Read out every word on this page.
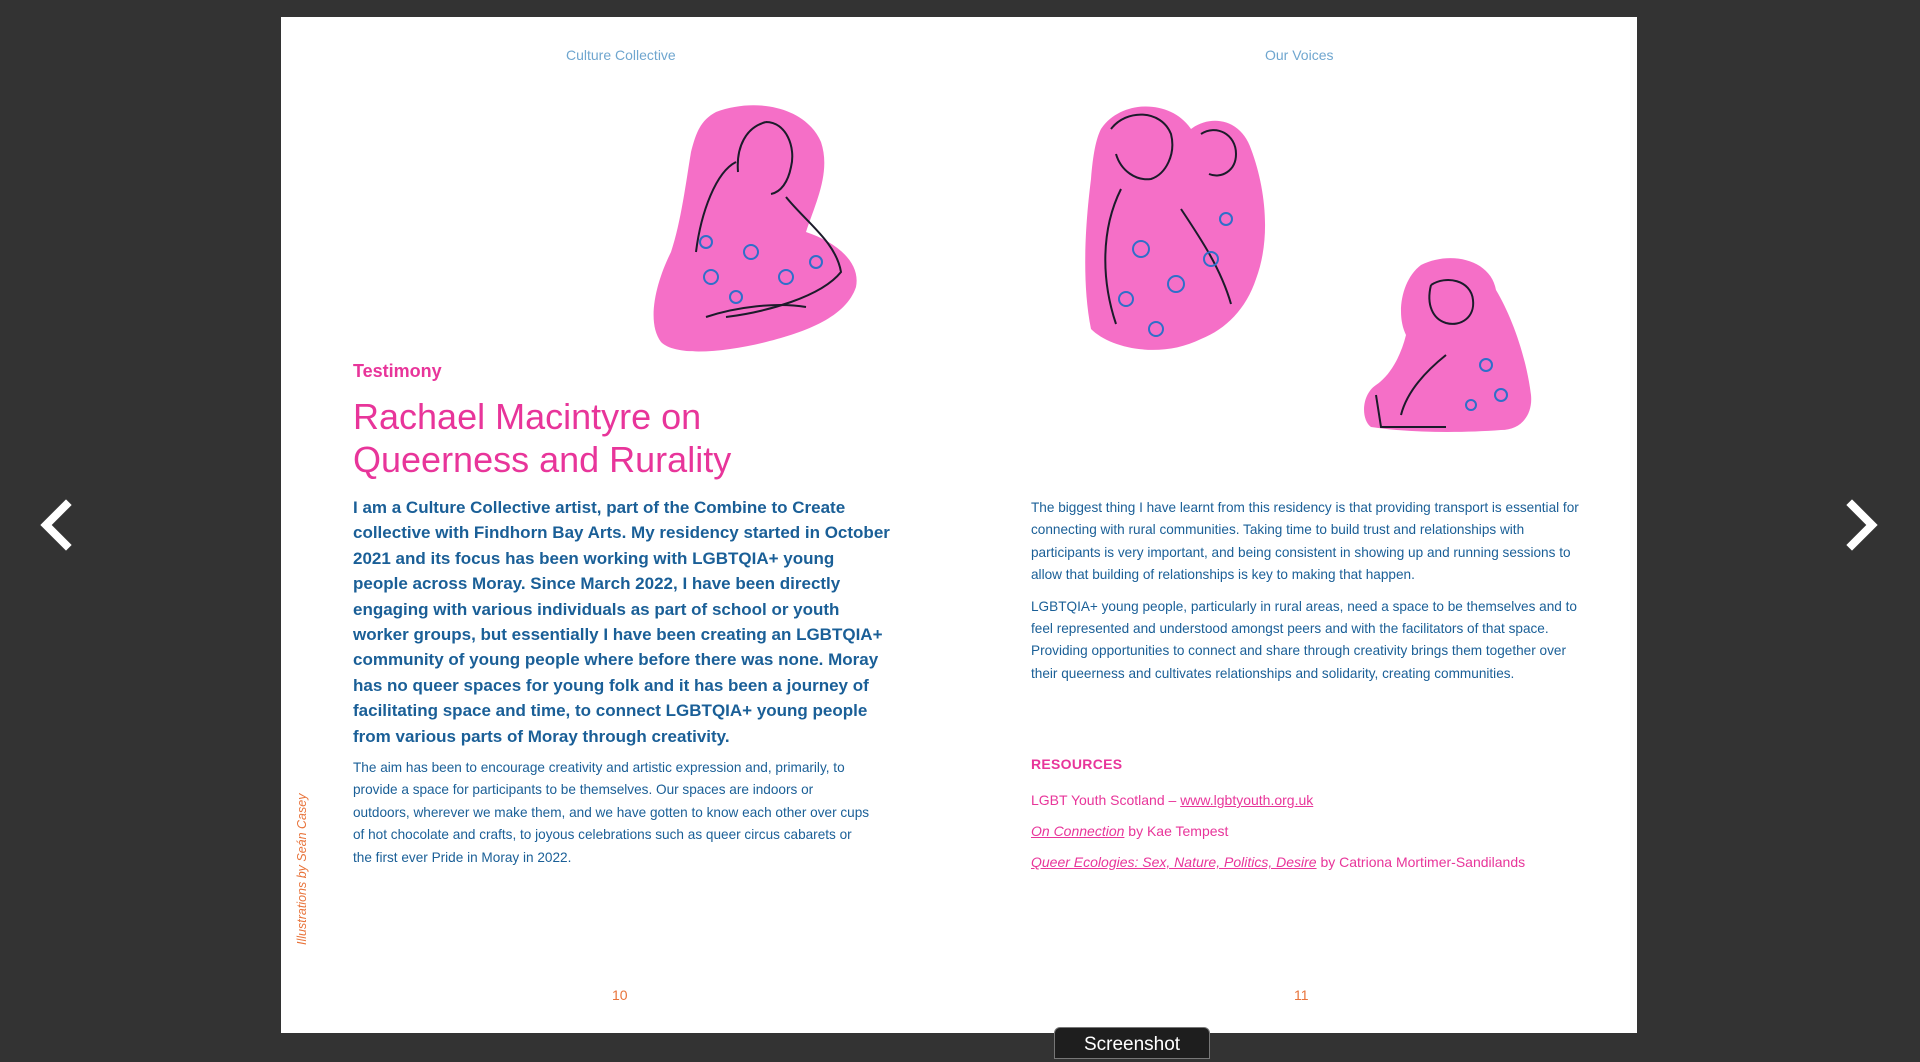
Culture Collective
Testimony
Rachael Macintyre on
Queerness and Rurality

I am a Culture Collective artist, part of the Combine to Create collective with Findhorn Bay Arts. My residency started in October 2021 and its focus has been working with LGBTQIA+ young people across Moray. Since March 2022, I have been directly engaging with various individuals as part of school or youth worker groups, but essentially I have been creating an LGBTQIA+ community of young people where before there was none. Moray has no queer spaces for young folk and it has been a journey of facilitating space and time, to connect LGBTQIA+ young people from various parts of Moray through creativity.

The aim has been to encourage creativity and artistic expression and, primarily, to provide a space for participants to be themselves. Our spaces are indoors or outdoors, wherever we make them, and we have gotten to know each other over cups of hot chocolate and crafts, to joyous celebrations such as queer circus cabarets or the first ever Pride in Moray in 2022.

Illustrations by Seán Casey
10
Our Voices

The biggest thing I have learnt from this residency is that providing transport is essential for connecting with rural communities. Taking time to build trust and relationships with participants is very important, and being consistent in showing up and running sessions to allow that building of relationships is key to making that happen.

LGBTQIA+ young people, particularly in rural areas, need a space to be themselves and to feel represented and understood amongst peers and with the facilitators of that space. Providing opportunities to connect and share through creativity brings them together over their queerness and cultivates relationships and solidarity, creating communities.

RESOURCES
LGBT Youth Scotland – www.lgbtyouth.org.uk
On Connection by Kae Tempest
Queer Ecologies: Sex, Nature, Politics, Desire by Catriona Mortimer-Sandilands
11
Screenshot
